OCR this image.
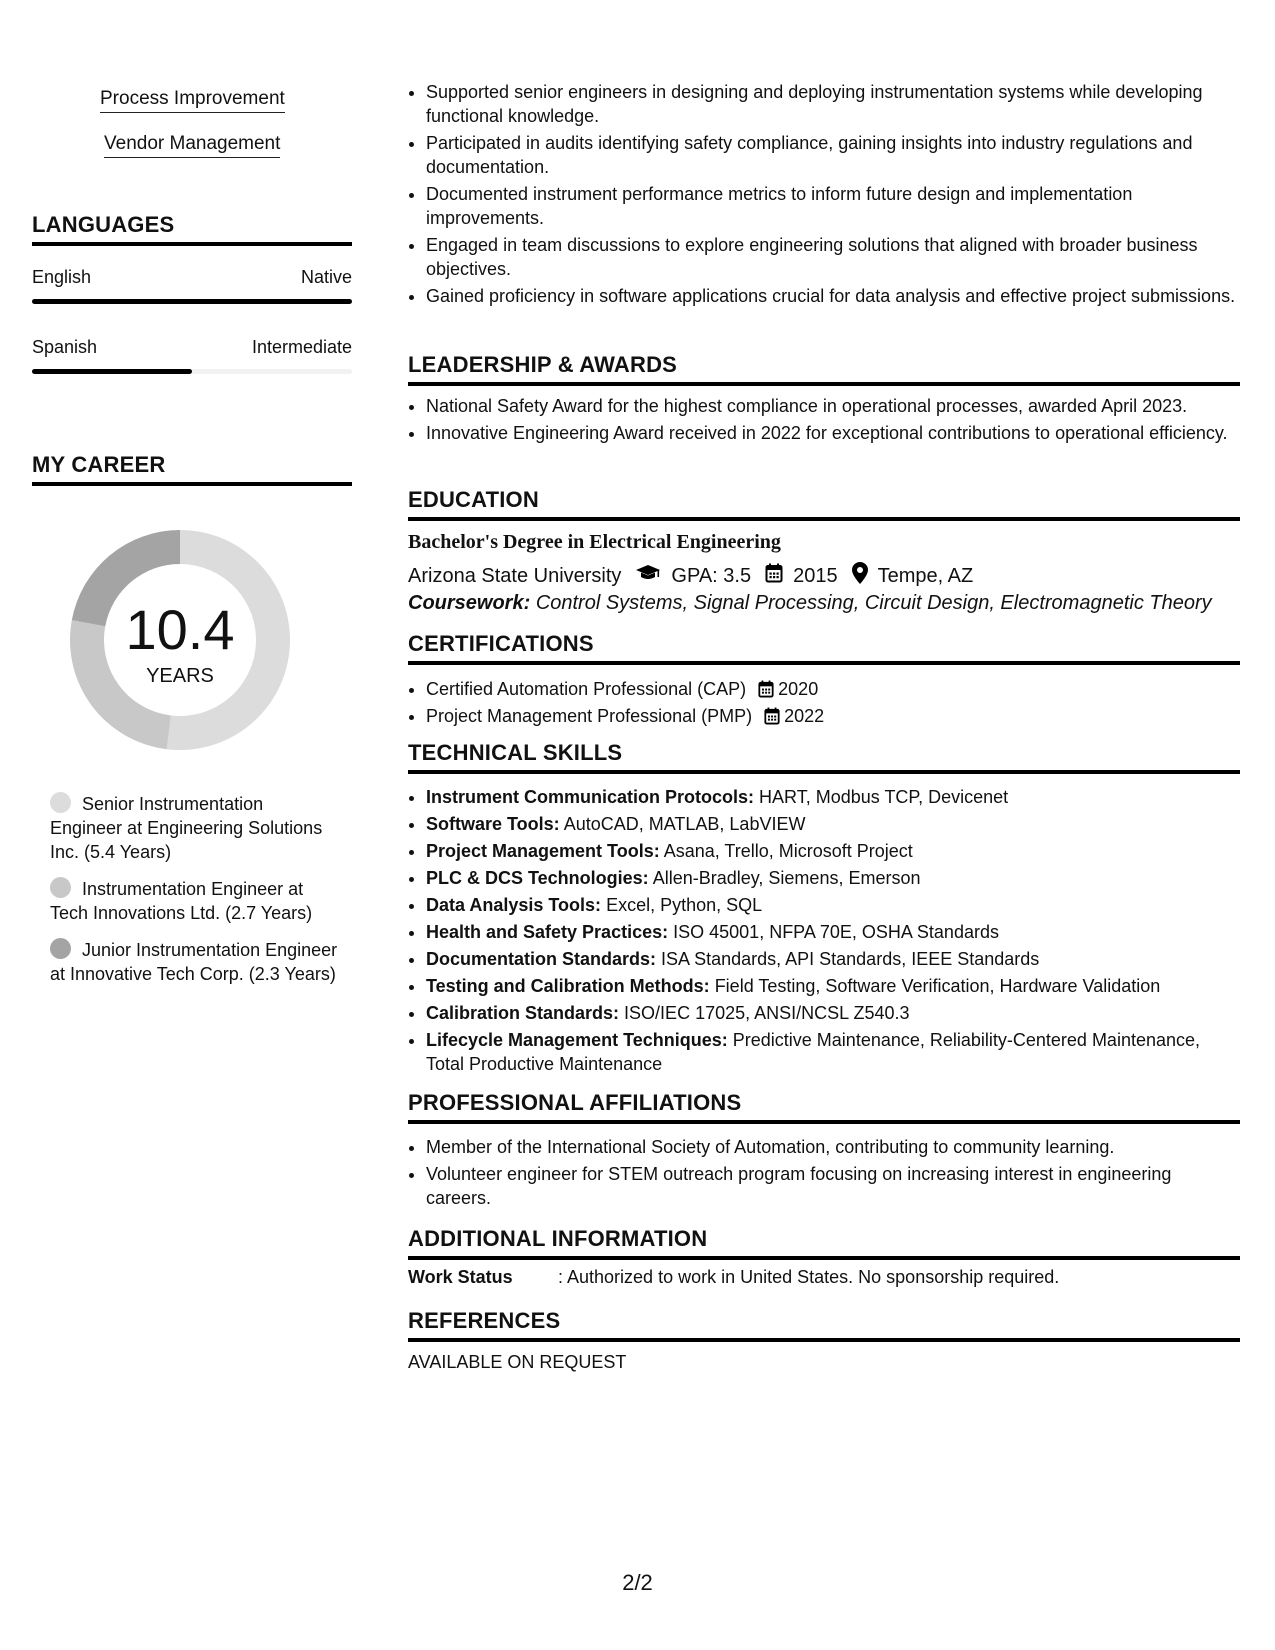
Process Improvement
Vendor Management
LANGUAGES
English	Native
Spanish	Intermediate
MY CAREER
10.4
YEARS
Senior Instrumentation Engineer at Engineering Solutions Inc. (5.4 Years)
Instrumentation Engineer at Tech Innovations Ltd. (2.7 Years)
Junior Instrumentation Engineer at Innovative Tech Corp. (2.3 Years)
• Supported senior engineers in designing and deploying instrumentation systems while developing functional knowledge.
• Participated in audits identifying safety compliance, gaining insights into industry regulations and documentation.
• Documented instrument performance metrics to inform future design and implementation improvements.
• Engaged in team discussions to explore engineering solutions that aligned with broader business objectives.
• Gained proficiency in software applications crucial for data analysis and effective project submissions.
LEADERSHIP & AWARDS
• National Safety Award for the highest compliance in operational processes, awarded April 2023.
• Innovative Engineering Award received in 2022 for exceptional contributions to operational efficiency.
EDUCATION
Bachelor's Degree in Electrical Engineering
Arizona State University	GPA: 3.5 2015 Tempe, AZ
Coursework: Control Systems, Signal Processing, Circuit Design, Electromagnetic Theory
CERTIFICATIONS
• Certified Automation Professional (CAP) 2020
• Project Management Professional (PMP) 2022
TECHNICAL SKILLS
• Instrument Communication Protocols: HART, Modbus TCP, Devicenet
• Software Tools: AutoCAD, MATLAB, LabVIEW
• Project Management Tools: Asana, Trello, Microsoft Project
• PLC & DCS Technologies: Allen-Bradley, Siemens, Emerson
• Data Analysis Tools: Excel, Python, SQL
• Health and Safety Practices: ISO 45001, NFPA 70E, OSHA Standards
• Documentation Standards: ISA Standards, API Standards, IEEE Standards
• Testing and Calibration Methods: Field Testing, Software Verification, Hardware Validation
• Calibration Standards: ISO/IEC 17025, ANSI/NCSL Z540.3
• Lifecycle Management Techniques: Predictive Maintenance, Reliability-Centered Maintenance, Total Productive Maintenance
PROFESSIONAL AFFILIATIONS
• Member of the International Society of Automation, contributing to community learning.
• Volunteer engineer for STEM outreach program focusing on increasing interest in engineering careers.
ADDITIONAL INFORMATION
Work Status	: Authorized to work in United States. No sponsorship required.
REFERENCES
AVAILABLE ON REQUEST
2/2
